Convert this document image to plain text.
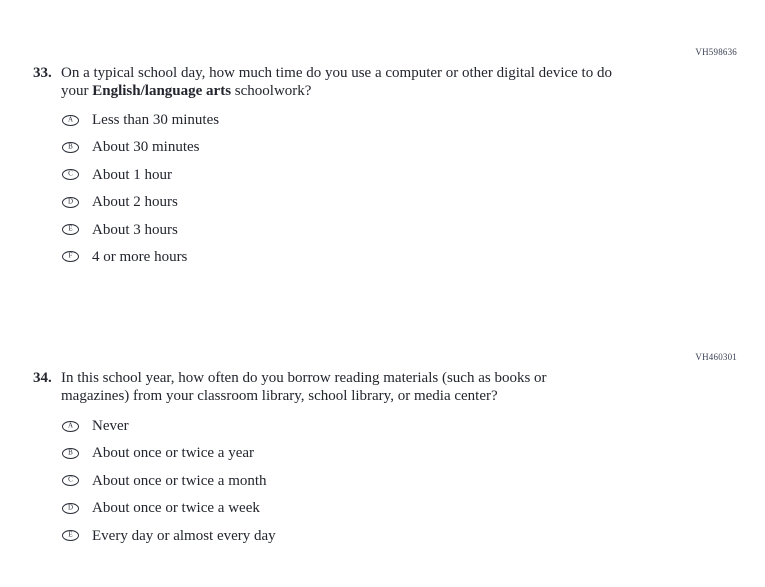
VH598636
33. On a typical school day, how much time do you use a computer or other digital device to do your English/language arts schoolwork?
A Less than 30 minutes
B About 30 minutes
C About 1 hour
D About 2 hours
E About 3 hours
F 4 or more hours
VH460301
34. In this school year, how often do you borrow reading materials (such as books or magazines) from your classroom library, school library, or media center?
A Never
B About once or twice a year
C About once or twice a month
D About once or twice a week
E Every day or almost every day
